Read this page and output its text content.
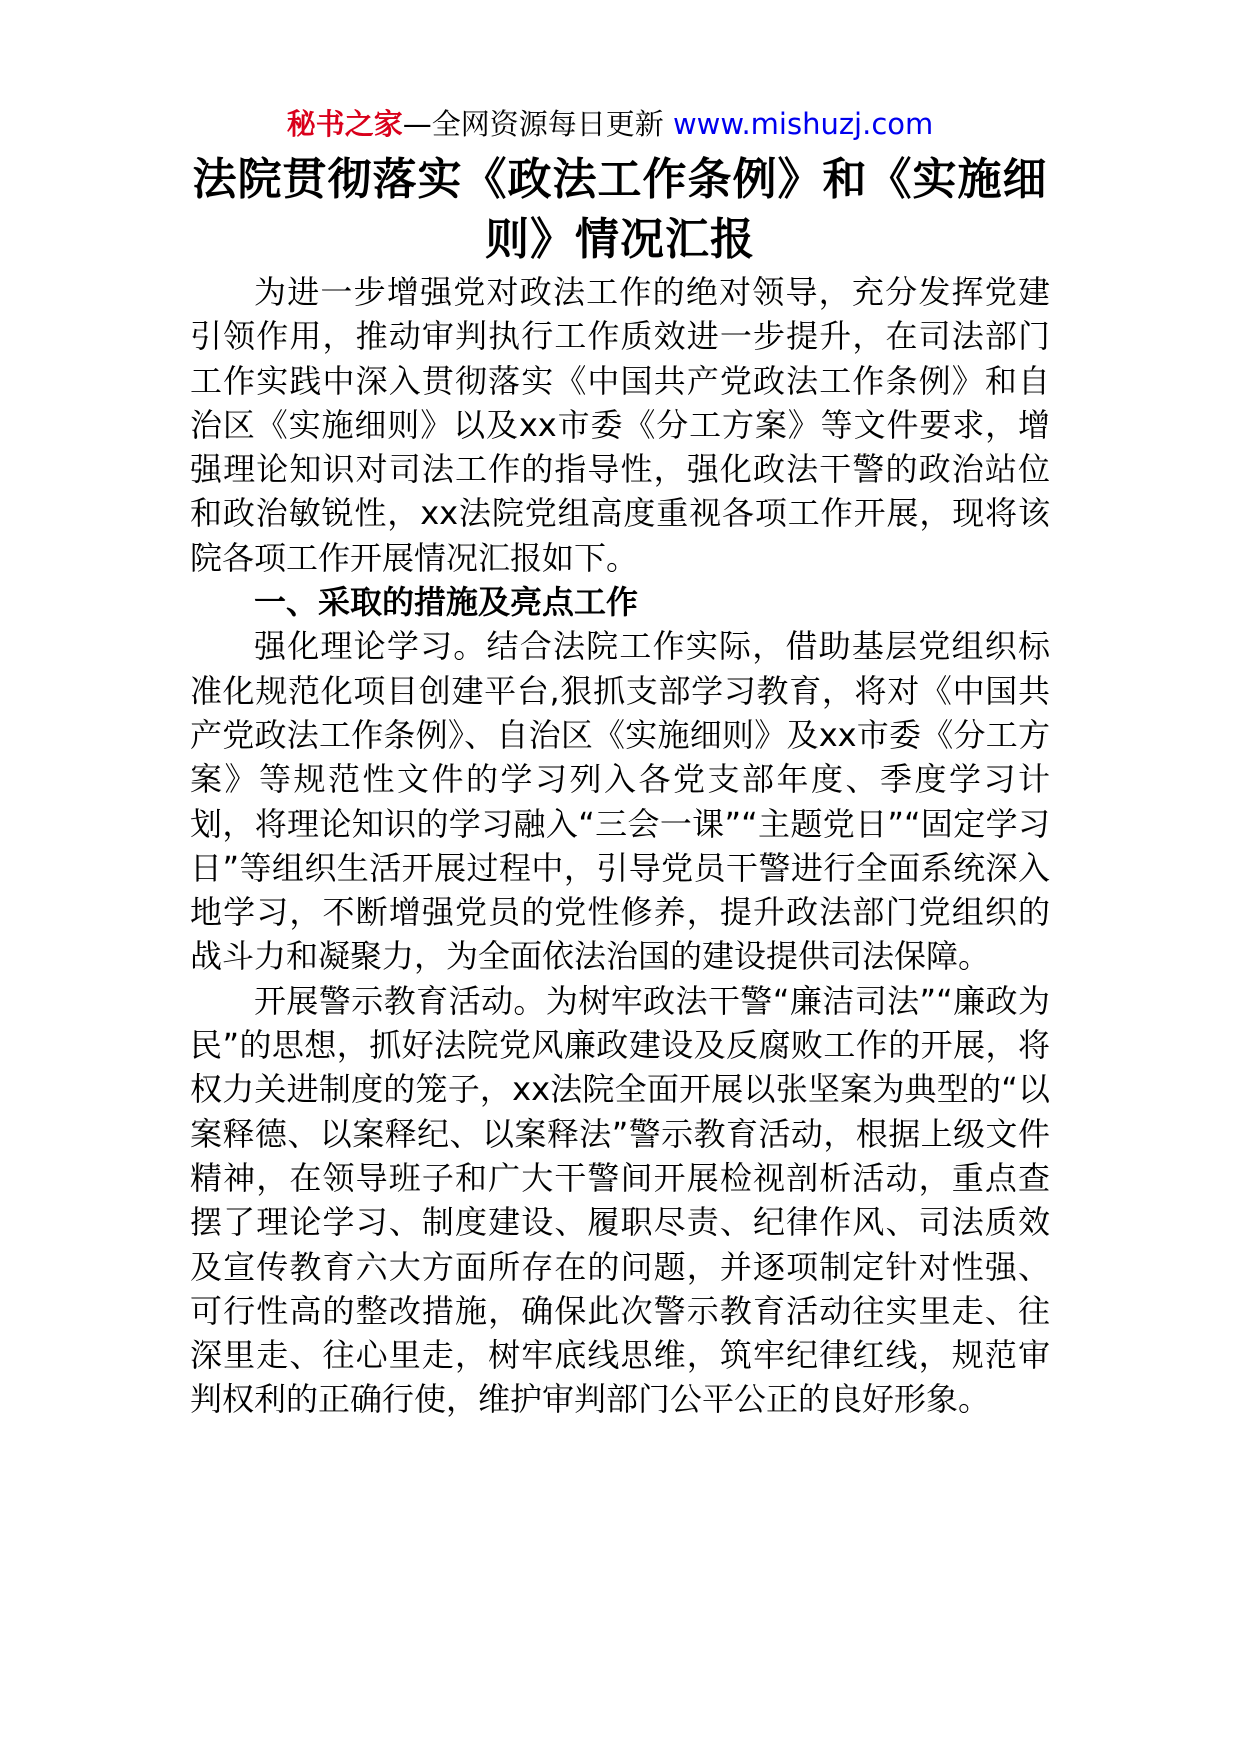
秘书之家—全网资源每日更新 www.mishuzj.com
法院贯彻落实《政法工作条例》和《实施细则》情况汇报

为进一步增强党对政法工作的绝对领导，充分发挥党建引领作用，推动审判执行工作质效进一步提升，在司法部门工作实践中深入贯彻落实《中国共产党政法工作条例》和自治区《实施细则》以及xx市委《分工方案》等文件要求，增强理论知识对司法工作的指导性，强化政法干警的政治站位和政治敏锐性，xx法院党组高度重视各项工作开展，现将该院各项工作开展情况汇报如下。

一、采取的措施及亮点工作

强化理论学习。结合法院工作实际，借助基层党组织标准化规范化项目创建平台,狠抓支部学习教育，将对《中国共产党政法工作条例》、自治区《实施细则》及xx市委《分工方案》等规范性文件的学习列入各党支部年度、季度学习计划，将理论知识的学习融入“三会一课”“主题党日”“固定学习日”等组织生活开展过程中，引导党员干警进行全面系统深入地学习，不断增强党员的党性修养，提升政法部门党组织的战斗力和凝聚力，为全面依法治国的建设提供司法保障。

开展警示教育活动。为树牢政法干警“廉洁司法”“廉政为民”的思想，抓好法院党风廉政建设及反腐败工作的开展，将权力关进制度的笼子，xx法院全面开展以张坚案为典型的“以案释德、以案释纪、以案释法”警示教育活动，根据上级文件精神，在领导班子和广大干警间开展检视剖析活动，重点查摆了理论学习、制度建设、履职尽责、纪律作风、司法质效及宣传教育六大方面所存在的问题，并逐项制定针对性强、可行性高的整改措施，确保此次警示教育活动往实里走、往深里走、往心里走，树牢底线思维，筑牢纪律红线，规范审判权利的正确行使，维护审判部门公平公正的良好形象。
